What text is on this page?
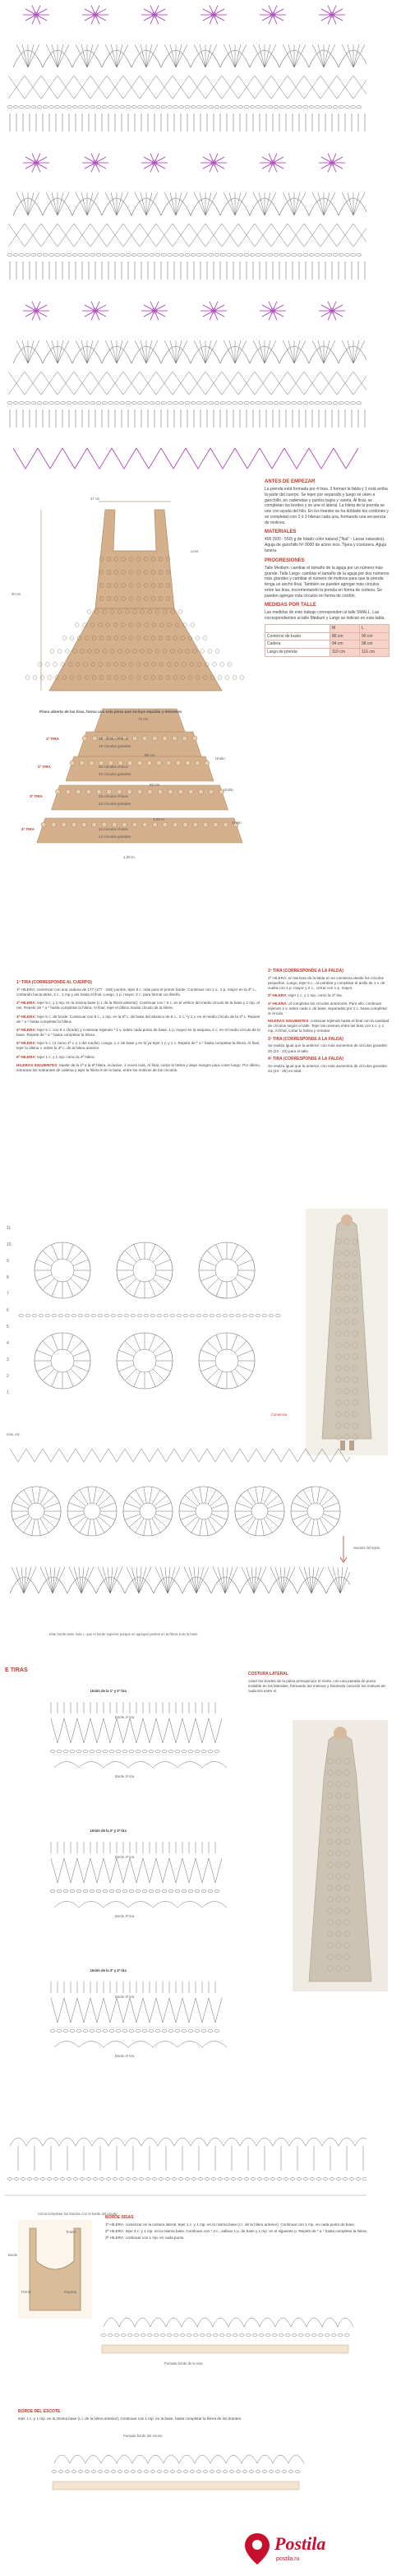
37 cm
90 cm
Liner
Plano abierto de las tiras, forma una sola pieza que incluye espalda y delantero
72 cm
1ª TIRA	18 círculos chicos
18 círculos grandes
80 cm
Unión
2ª TIRA	20 círculos chicos
20 círculos grandes
92 cm
Unión
3ª TIRA	23 círculos chicos
23 círculos grandes
1,04 m
Unión
4ª TIRA	24 círculos chicos
24 círculos grandes
1,20 m
ANTES DE EMPEZAR
La prenda está formada por 4 tiras. 3 forman la falda y 1 está arriba la parte del cuerpo. Se tejen por separado y luego se unen a ganchillo, en cadenetas y puntos bajos y vareta. Al final, se completan los bordes y se une el lateral. La hilera de la prenda se une con ayuda del hilo. En los tirantes se ha doblado los cordones y se completan con 2 ó 3 hileras cada una, formando una secuencia de motivos.
MATERIALES
400 (500 - 550) g de hilado color natural ("Nat" - Lanas naturales). Aguja de ganchillo Nº 0000 de acero inox. Tijera y costurera. Aguja lanera.
PROGRESIONES
Talle Medium: cambiar el tamaño de la aguja por un número más grande. Talle Largo: cambiar el tamaño de la aguja por dos números más grandes y cambiar el número de motivos para que la prenda tenga un ancho final. También se pueden agregar más círculos entre las tiras, incrementando la prenda en forma de corteza. Se pueden agregar más círculos en forma de cordón.
MEDIDAS POR TALLE
Las medidas de este trabajo corresponden al talle SMALL. Las correspondientes al talle Medium y Largo se indican en esta tabla.
	M	L
Contorno de busto	86 cm	90 cm
Cadera	94 cm	98 cm
Largo de prenda	110 cm	116 cm
1ª TIRA (CORRESPONDE AL CUERPO)
1ª HILERA: comenzar con una cadena de 177 (177 - 193) puntos, tejer 8 c. más para el primer borde. Continuar con 1 v., 1 p. mayor en la 4ª c., contando hacia atrás, 2 c., 1 mp y así hasta el final. Luego, 1 p. mayor. 2 c. para formar un diseño.
2ª HILERA: tejer 5 c. y 1 mp. en la misma base (c.l. de la hilera anterior). Continuar con * 5 c. en el vértice del medio círculo de la base y 1 mp. al ras. Repetir de * a * hasta completar la hilera. Al final, tejer el último medio círculo de la hilera.
3ª HILERA: tejer 5 c. de borde. Continuar con 5 c., 1 mp. en la 5ª c. de base del abanico de 9 c., 2 c. *y 1 v. en el medio círculo de la 4ª c. Repetir de * a * hasta completar la hilera.
4ª HILERA: tejer 5 c. con 9 v. (borde) y continuar tejiendo * 1 v. sobre cada punto de base, 1 p. mayor en la esquina, 2 c. en el medio círculo de la base. Repetir de * a * hasta completar la hilera.
5ª HILERA: tejer 5 c. (4 como 1ª v. y 1 del medio). Luego, 1 v. de base y en lo ya tejer 1 v. y 1 c. Repetir de * a * hasta completar la hilera. Al final, tejer la última v. sobre la 3ª c. de la hilera anterior.
6ª HILERA: tejer 1 c. y 1 mp. como la 4ª hilera.
HILERAS SIGUIENTES: repetir de la 1ª a la 6ª hilera, inclusive, 2 veces más. Al final, cortar la hebra y dejar margen para coser luego. Por último, entramar los sobrantes de cadena y tejer la hilera 9 de la base, entre los motivos de los círculos.
2ª TIRA (CORRESPONDE A LA FALDA)
1ª HILERA: en las tiras de la falda en se comienza desde los círculos pequeños. Luego, tejer 5 c., al cambiar y completar el anillo de 1 v. de vuelta con 1 p. mayor y 2 c., cerrar con 1 p. mayor.
3ª HILERA: tejer 1 c. y 1 mp. como la 1ª tira.
4ª HILERA: al completar los círculos anteriores. Para ello, continuar tejiendo 2 v. sobre cada v. de base, separados por 1 c. hasta completar el circulo.
HILERAS SIGUIENTES: continuar tejiendo hasta el final con la cantidad de círculos según el talle. Tejer las uniones entre las tiras con 1 c. y 1 mp. Al final, cortar la hebra y rematar.
3ª TIRA (CORRESPONDE A LA FALDA)
Se realiza igual que la anterior, con más aumentos de círculos grandes: 20 (23 - 23) para el talle.
4ª TIRA (CORRESPONDE A LA FALDA)
Se realiza igual que la anterior, con más aumentos de círculos grandes: 24 (24 - 26) en total.
11
10
9
8
7
6
5
4
3
2
1
Comenzar
más, etc.
Sentido del tejido
Este borde tiene más c. que el borde superior porque se agregan puntos en la hilera 8 de la base
E TIRAS
Unión de la 1ª y 2ª tira
Borde 1ª tira
Borde 2ª tira
Unión de la 2ª y 3ª tira
Borde 2ª tira
Borde 3ª tira
Unión de la 3ª y 4ª tira
Borde 3ª tira
Borde 4ª tira
COSTURA LATERAL
coser los bordes de la pieza principal por el revés, con una pasada de punto invisible en los laterales, formando los motivos y haciendo coincidir los motivos de cada tira entre sí.
Cómo completar los tirantes con el borde del escote
Frente	Espalda
Tirante
Borde
BORDE SISAS
1ª HILERA: comenzar en la costura lateral, tejer 1 c. y 1 mp. en la misma base (c.l. de la hilera anterior). Continuar con 1 mp. en cada punto de base.
2ª HILERA: tejer 3 c. y 1 mp. en la misma base. Continuar con * 3 c., saltear 1 p. de base y 1 mp. en el siguiente p. Repetir de * a * hasta completar la hilera.
3ª HILERA: continuar con 1 mp. en cada punto.
Puntada borde de la sisa
BORDE DEL ESCOTE
tejer 1 c. y 1 mp. en la misma base (c.l. de la hilera anterior). Continuar con 1 mp. en la base, hasta completar la hilera de los tirantes.
Puntada borde del escote
Postila
postila.ru
